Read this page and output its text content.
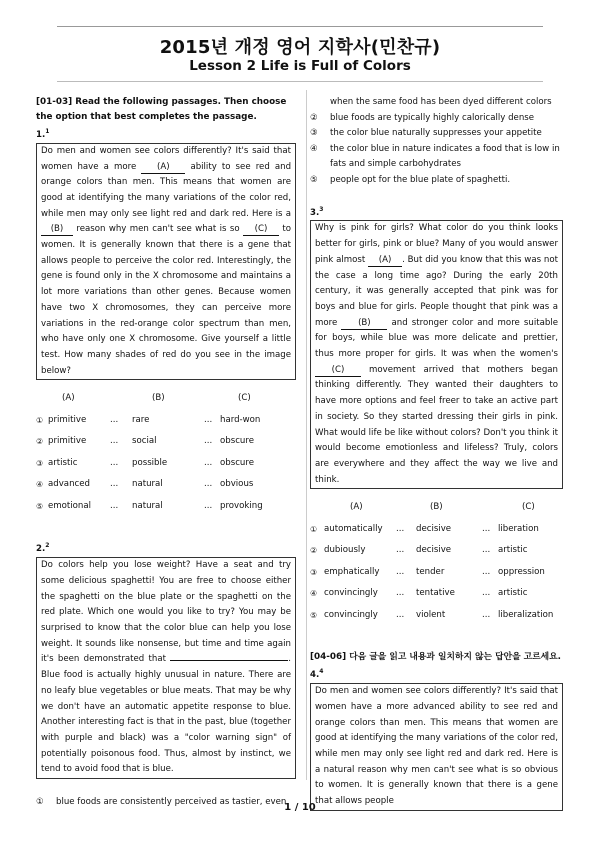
2015년 개정 영어 지학사(민찬규)
Lesson 2 Life is Full of Colors
[01-03] Read the following passages. Then choose the option that best completes the passage.
1.$^1$
Do men and women see colors differently? It's said that women have a more (A) ability to see red and orange colors than men. This means that women are good at identifying the many variations of the color red, while men may only see light red and dark red. Here is a (B) reason why men can't see what is so (C) to women. It is generally known that there is a gene that allows people to perceive the color red. Interestingly, the gene is found only in the X chromosome and maintains a lot more variations than other genes. Because women have two X chromosomes, they can perceive more variations in the red-orange color spectrum than men, who have only one X chromosome. Give yourself a little test. How many shades of red do you see in the image below?
	(A)		(B)		(C)
①	primitive	...	rare	...	hard-won
②	primitive	...	social	...	obscure
③	artistic	...	possible	...	obscure
④	advanced	...	natural	...	obvious
⑤	emotional	...	natural	...	provoking
2.$^2$
Do colors help you lose weight? Have a seat and try some delicious spaghetti! You are free to choose either the spaghetti on the blue plate or the spaghetti on the red plate. Which one would you like to try? You may be surprised to know that the color blue can help you lose weight. It sounds like nonsense, but time and time again it's been demonstrated that	. Blue food is actually highly unusual in nature. There are no leafy blue vegetables or blue meats. That may be why we don't have an automatic appetite response to blue. Another interesting fact is that in the past, blue (together with purple and black) was a "color warning sign" of potentially poisonous food. Thus, almost by instinct, we tend to avoid food that is blue.
①	blue foods are consistently perceived as tastier, even
when the same food has been dyed different colors
②	blue foods are typically highly calorically dense
③	the color blue naturally suppresses your appetite
④	the color blue in nature indicates a food that is low in fats and simple carbohydrates
⑤	people opt for the blue plate of spaghetti.
3.$^3$
Why is pink for girls? What color do you think looks better for girls, pink or blue? Many of you would answer pink almost (A) . But did you know that this was not the case a long time ago? During the early 20th century, it was generally accepted that pink was for boys and blue for girls. People thought that pink was a more (B) and stronger color and more suitable for boys, while blue was more delicate and prettier, thus more proper for girls. It was when the women's (C)	movement arrived that mothers began thinking differently. They wanted their daughters to have more options and feel freer to take an active part in society. So they started dressing their girls in pink. What would life be like without colors? Don't you think it would become emotionless and lifeless? Truly, colors are everywhere and they affect the way we live and think.
	(A)		(B)		(C)
①	automatically	...	decisive	...	liberation
②	dubiously	...	decisive	...	artistic
③	emphatically	...	tender	...	oppression
④	convincingly	...	tentative	...	artistic
⑤	convincingly	...	violent	...	liberalization
[04-06] 다음 글을 읽고 내용과 일치하지 않는 답안을 고르세요.
4.$^4$
Do men and women see colors differently? It's said that women have a more advanced ability to see red and orange colors than men. This means that women are good at identifying the many variations of the color red, while men may only see light red and dark red. Here is a natural reason why men can't see what is so obvious to women. It is generally known that there is a gene that allows people
1 / 10
